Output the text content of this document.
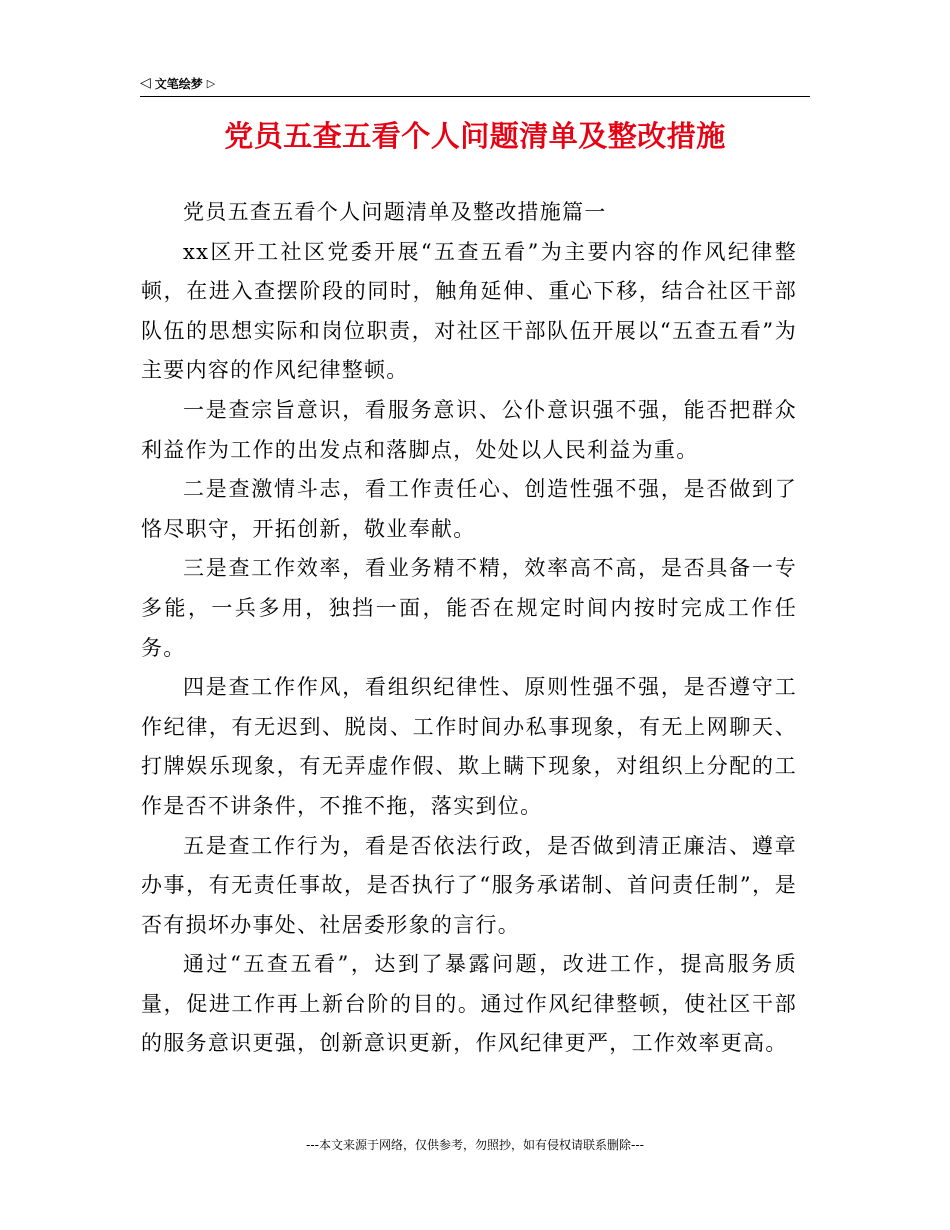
◁ 文笔绘梦 ▷
党员五查五看个人问题清单及整改措施

党员五查五看个人问题清单及整改措施篇一

xx区开工社区党委开展“五查五看”为主要内容的作风纪律整顿，在进入查摆阶段的同时，触角延伸、重心下移，结合社区干部队伍的思想实际和岗位职责，对社区干部队伍开展以“五查五看”为主要内容的作风纪律整顿。

一是查宗旨意识，看服务意识、公仆意识强不强，能否把群众利益作为工作的出发点和落脚点，处处以人民利益为重。

二是查激情斗志，看工作责任心、创造性强不强，是否做到了恪尽职守，开拓创新，敬业奉献。

三是查工作效率，看业务精不精，效率高不高，是否具备一专多能，一兵多用，独挡一面，能否在规定时间内按时完成工作任务。

四是查工作作风，看组织纪律性、原则性强不强，是否遵守工作纪律，有无迟到、脱岗、工作时间办私事现象，有无上网聊天、打牌娱乐现象，有无弄虚作假、欺上瞒下现象，对组织上分配的工作是否不讲条件，不推不拖，落实到位。

五是查工作行为，看是否依法行政，是否做到清正廉洁、遵章办事，有无责任事故，是否执行了“服务承诺制、首问责任制”，是否有损坏办事处、社居委形象的言行。

通过“五查五看”，达到了暴露问题，改进工作，提高服务质量，促进工作再上新台阶的目的。通过作风纪律整顿，使社区干部的服务意识更强，创新意识更新，作风纪律更严，工作效率更高。

---本文来源于网络，仅供参考，勿照抄，如有侵权请联系删除---
